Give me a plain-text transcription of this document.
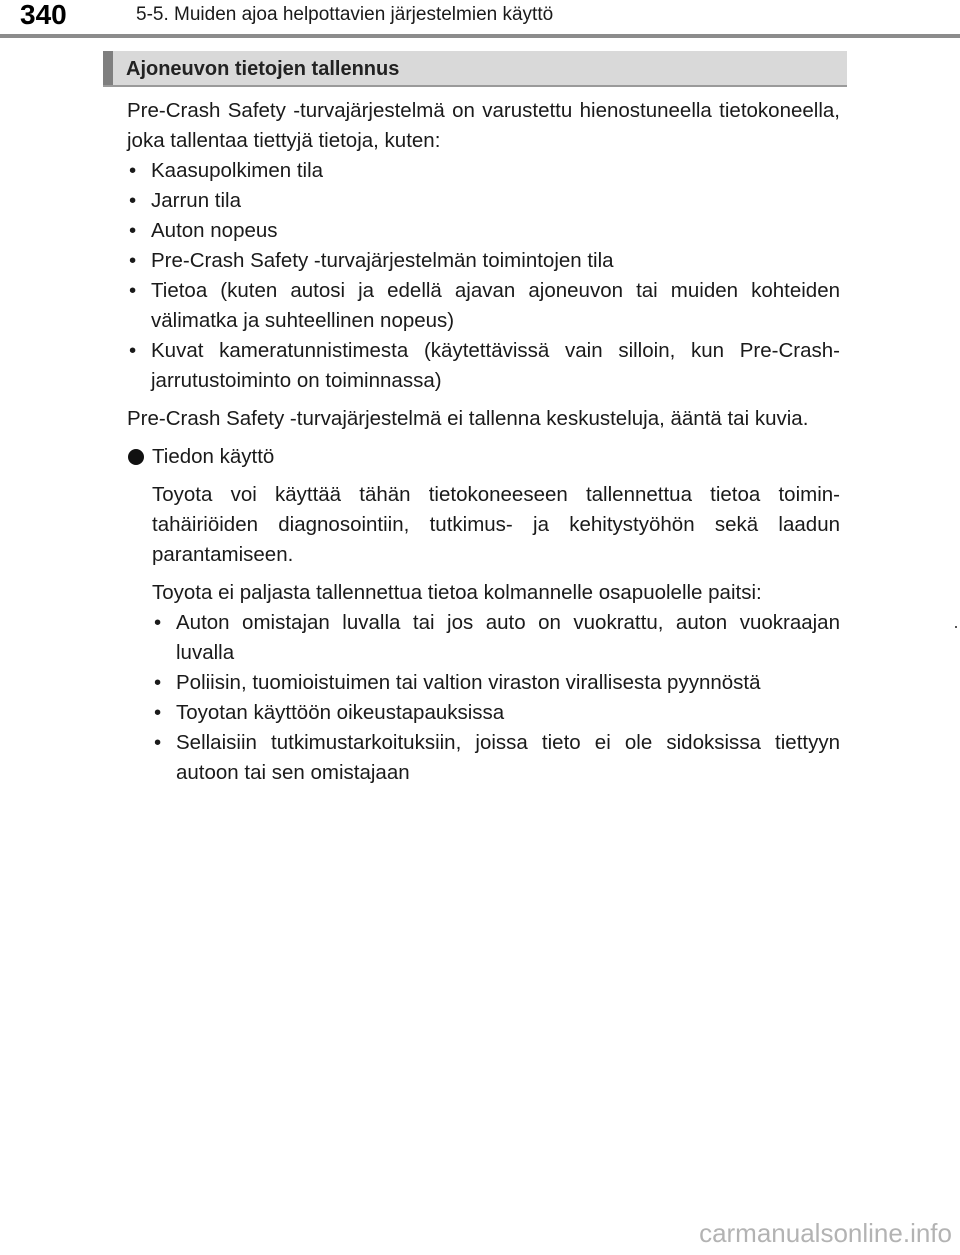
340	5-5. Muiden ajoa helpottavien järjestelmien käyttö
Ajoneuvon tietojen tallennus

Pre-Crash Safety -turvajärjestelmä on varustettu hienostuneella tietokoneella, joka tallentaa tiettyjä tietoja, kuten:

• Kaasupolkimen tila
• Jarrun tila
• Auton nopeus
• Pre-Crash Safety -turvajärjestelmän toimintojen tila
• Tietoa (kuten autosi ja edellä ajavan ajoneuvon tai muiden kohteiden välimatka ja suhteellinen nopeus)
• Kuvat kameratunnistimesta (käytettävissä vain silloin, kun Pre-Crash-jarrutustoiminto on toiminnassa)

Pre-Crash Safety -turvajärjestelmä ei tallenna keskusteluja, ääntä tai kuvia.

Tiedon käyttö

Toyota voi käyttää tähän tietokoneeseen tallennettua tietoa toimintahäiriöiden diagnosointiin, tutkimus- ja kehitystyöhön sekä laadun parantamiseen.

Toyota ei paljasta tallennettua tietoa kolmannelle osapuolelle paitsi:

• Auton omistajan luvalla tai jos auto on vuokrattu, auton vuokraajan luvalla
• Poliisin, tuomioistuimen tai valtion viraston virallisesta pyynnöstä
• Toyotan käyttöön oikeustapauksissa
• Sellaisiin tutkimustarkoituksiin, joissa tieto ei ole sidoksissa tiettyyn autoon tai sen omistajaan
carmanualsonline.info
